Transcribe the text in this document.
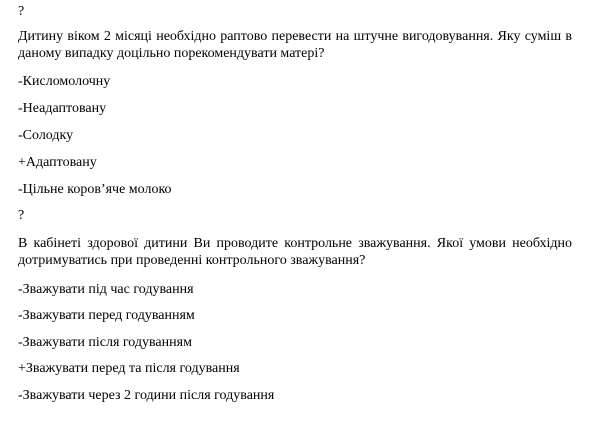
?
Дитину віком 2 місяці необхідно раптово перевести на штучне вигодовування. Яку суміш в даному випадку доцільно порекомендувати матері?
-Кисломолочну
-Неадаптовану
-Солодку
+Адаптовану
-Цільне коров’яче молоко
?
В кабінеті здорової дитини Ви проводите контрольне зважування. Якої умови необхідно дотримуватись при проведенні контрольного зважування?
-Зважувати під час годування
-Зважувати перед годуванням
-Зважувати після годуванням
+Зважувати перед та після годування
-Зважувати через 2 години після годування
